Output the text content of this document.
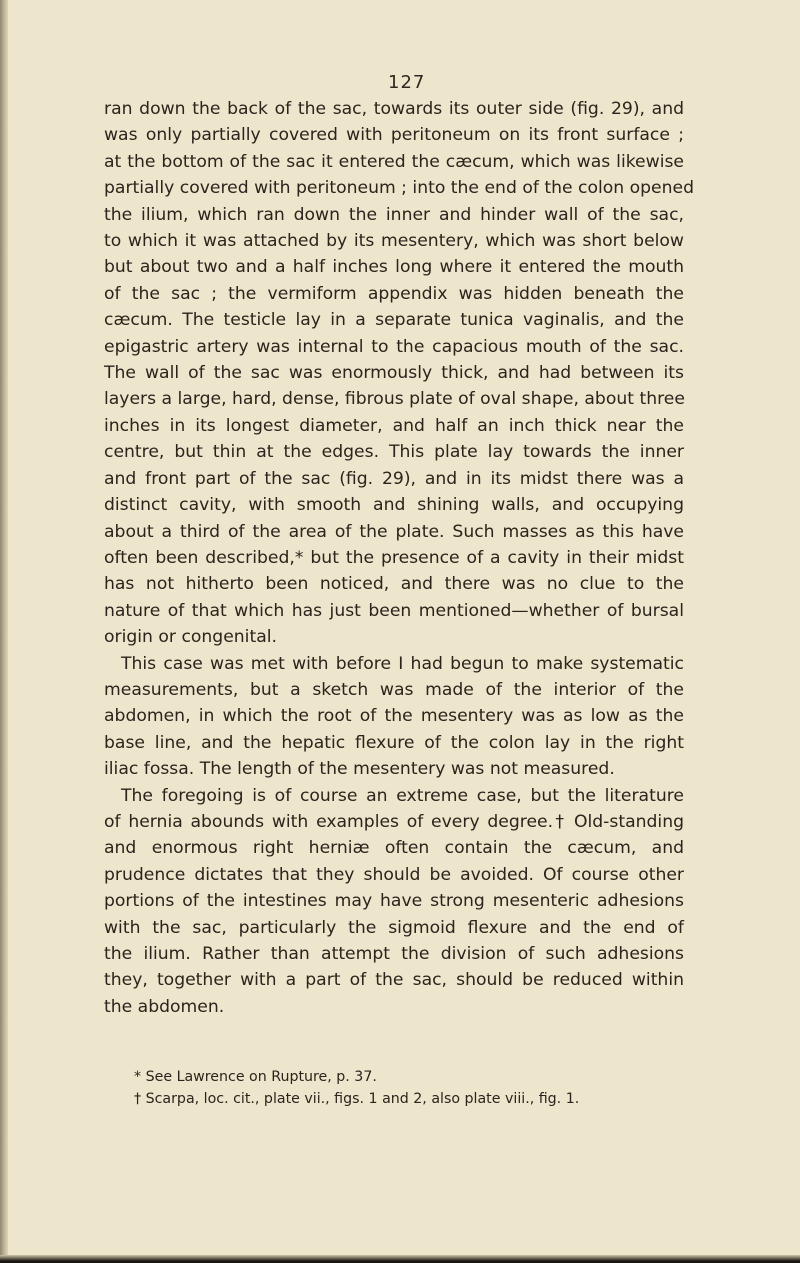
127

ran down the back of the sac, towards its outer side (fig. 29), and
was only partially covered with peritoneum on its front surface ;
at the bottom of the sac it entered the cæcum, which was likewise
partially covered with peritoneum ; into the end of the colon opened
the ilium, which ran down the inner and hinder wall of the sac,
to which it was attached by its mesentery, which was short below
but about two and a half inches long where it entered the mouth
of the sac ; the vermiform appendix was hidden beneath the
cæcum. The testicle lay in a separate tunica vaginalis, and the
epigastric artery was internal to the capacious mouth of the sac.
The wall of the sac was enormously thick, and had between its
layers a large, hard, dense, fibrous plate of oval shape, about three
inches in its longest diameter, and half an inch thick near the
centre, but thin at the edges. This plate lay towards the inner
and front part of the sac (fig. 29), and in its midst there was a
distinct cavity, with smooth and shining walls, and occupying
about a third of the area of the plate. Such masses as this have
often been described,* but the presence of a cavity in their midst
has not hitherto been noticed, and there was no clue to the
nature of that which has just been mentioned—whether of bursal
origin or congenital.
This case was met with before I had begun to make systematic
measurements, but a sketch was made of the interior of the
abdomen, in which the root of the mesentery was as low as the
base line, and the hepatic flexure of the colon lay in the right
iliac fossa. The length of the mesentery was not measured.
The foregoing is of course an extreme case, but the literature
of hernia abounds with examples of every degree.† Old-standing
and enormous right herniæ often contain the cæcum, and
prudence dictates that they should be avoided. Of course other
portions of the intestines may have strong mesenteric adhesions
with the sac, particularly the sigmoid flexure and the end of
the ilium. Rather than attempt the division of such adhesions
they, together with a part of the sac, should be reduced within
the abdomen.
* See Lawrence on Rupture, p. 37.
† Scarpa, loc. cit., plate vii., figs. 1 and 2, also plate viii., fig. 1.
